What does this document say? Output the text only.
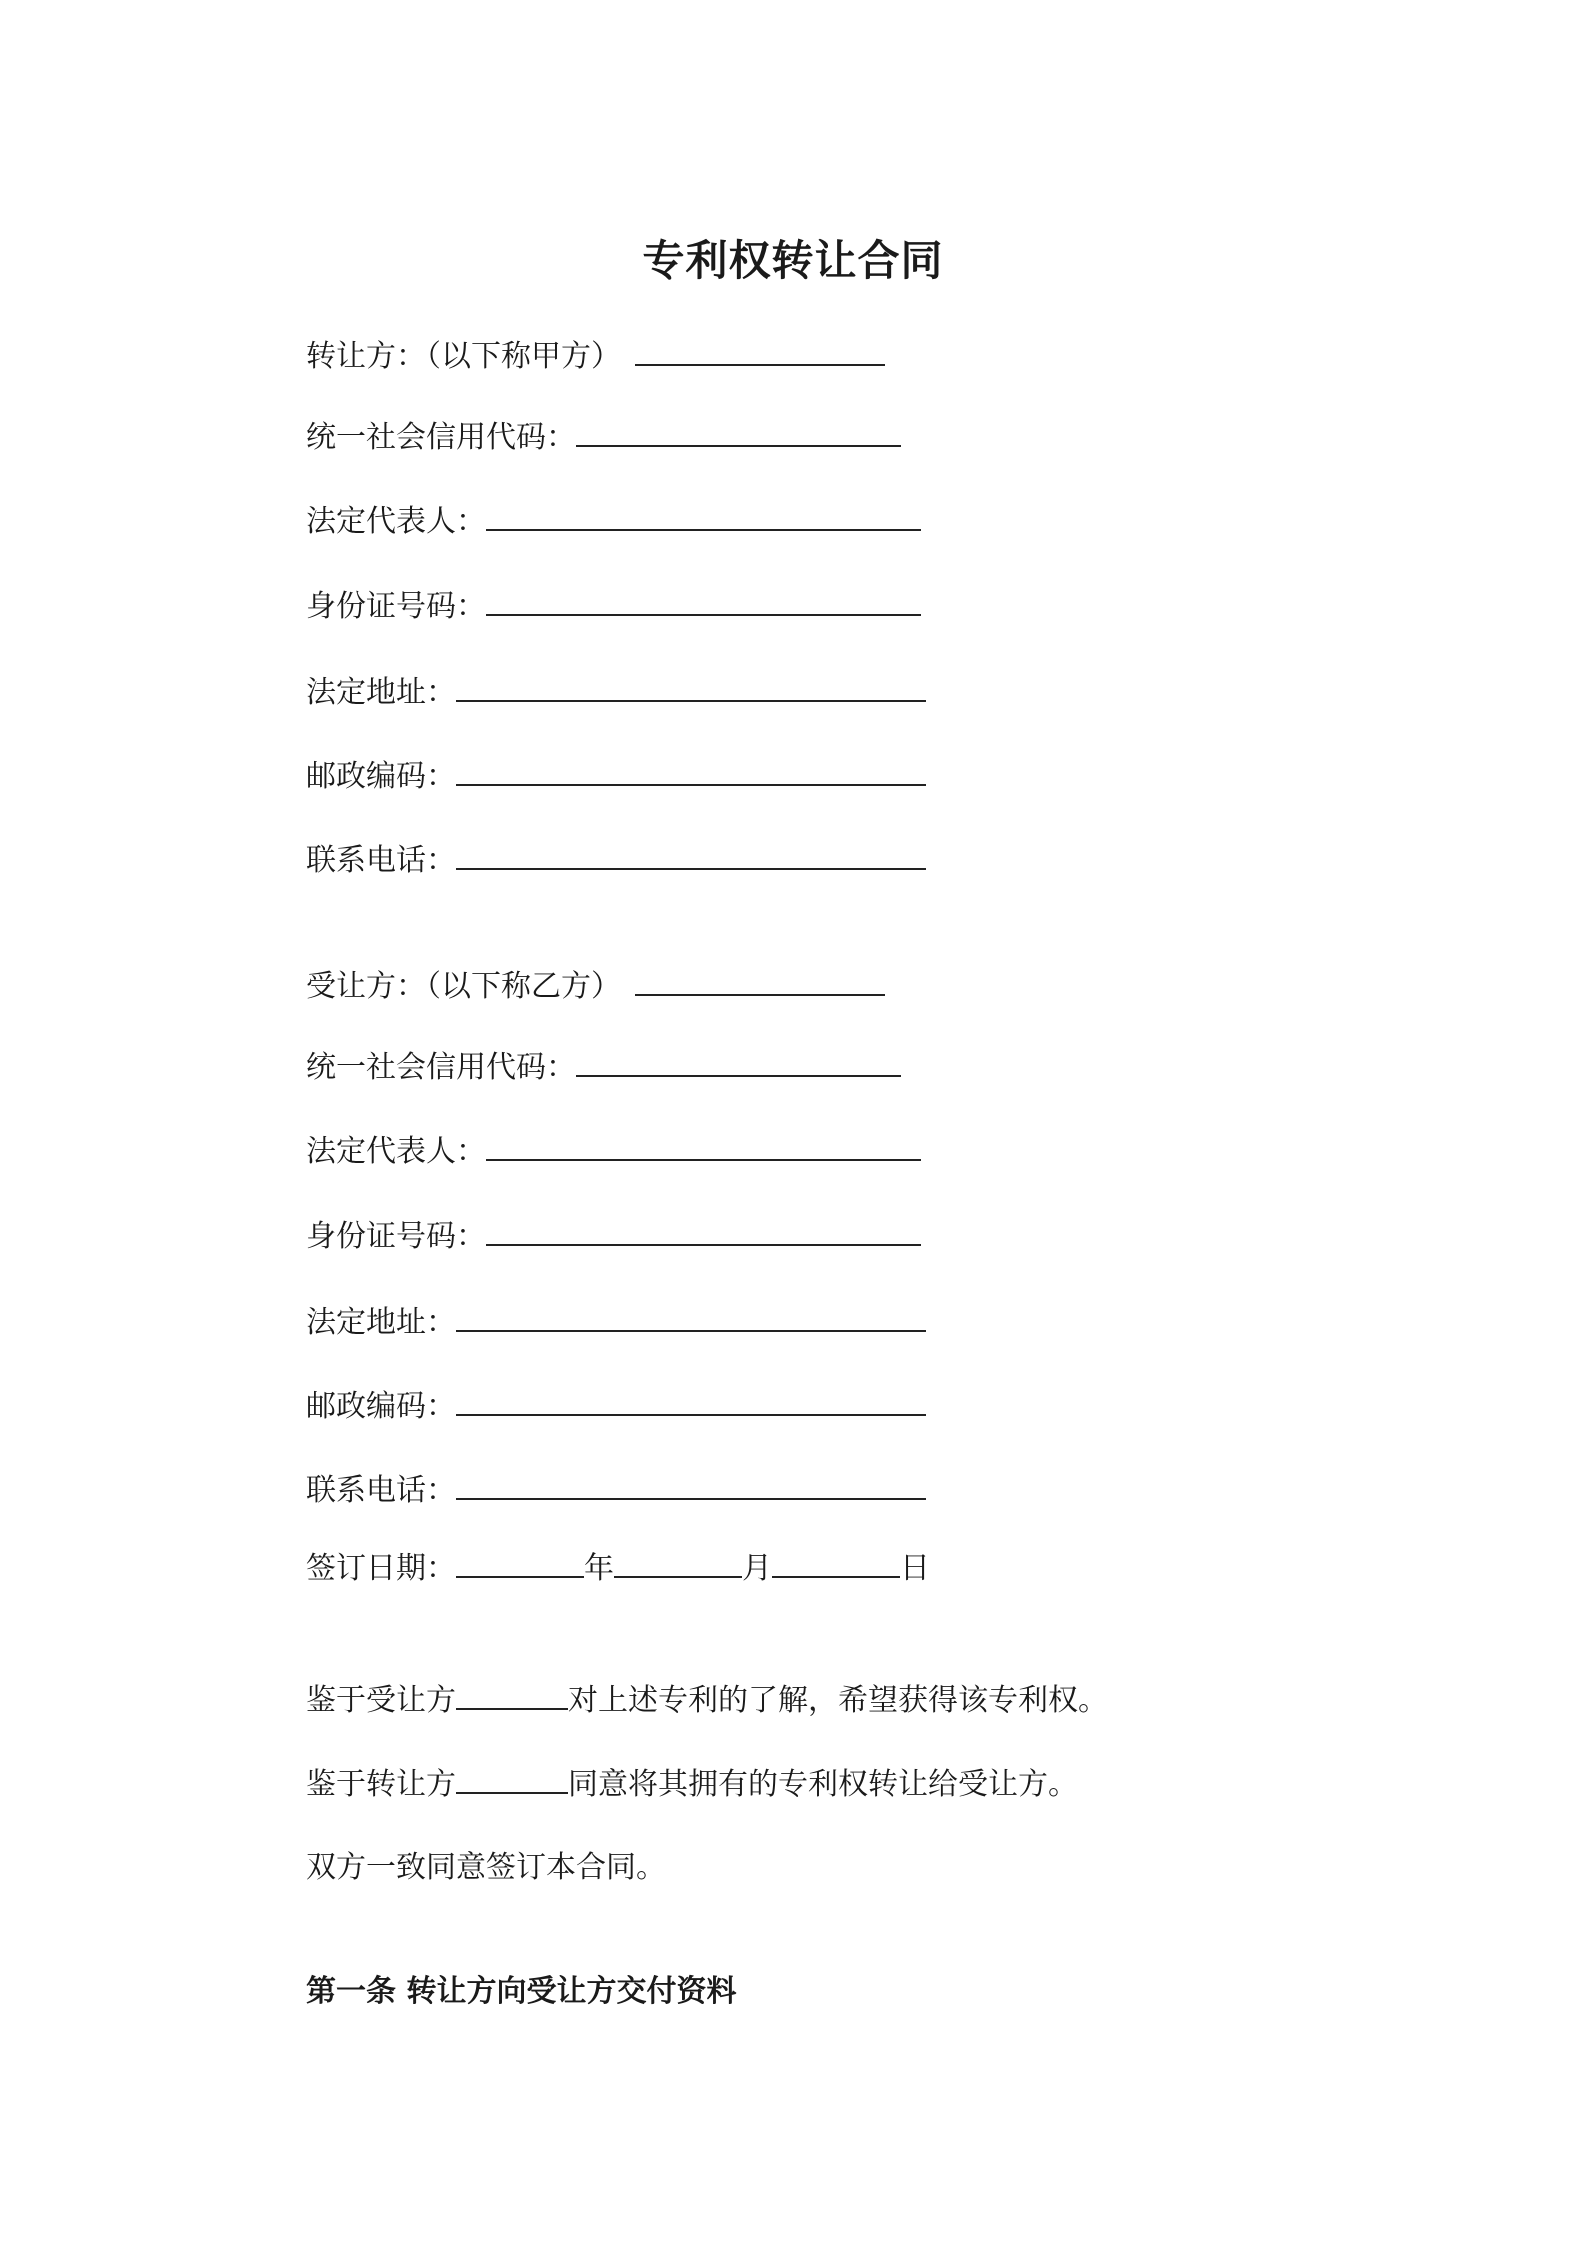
专利权转让合同
转让方：（以下称甲方）
统一社会信用代码：
法定代表人：
身份证号码：
法定地址：
邮政编码：
联系电话：
受让方：（以下称乙方）
统一社会信用代码：
法定代表人：
身份证号码：
法定地址：
邮政编码：
联系电话：
签订日期：	年	月	日
鉴于受让方	对上述专利的了解，希望获得该专利权。
鉴于转让方	同意将其拥有的专利权转让给受让方。
双方一致同意签订本合同。
第一条 转让方向受让方交付资料
